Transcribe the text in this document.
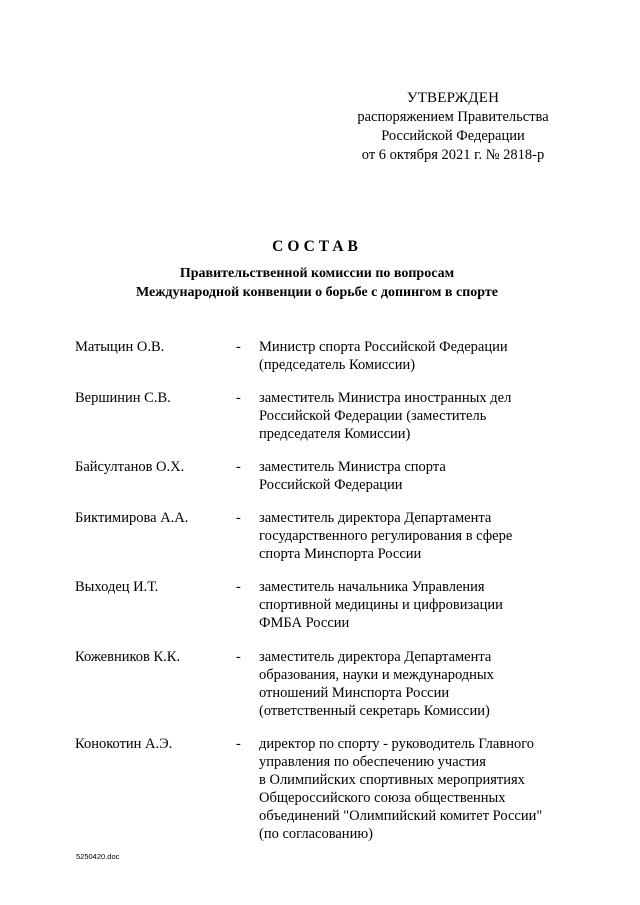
УТВЕРЖДЕН
распоряжением Правительства
Российской Федерации
от 6 октября 2021 г. № 2818-р
СОСТАВ
Правительственной комиссии по вопросам
Международной конвенции о борьбе с допингом в спорте
Матыцин О.В.	- Министр спорта Российской Федерации
(председатель Комиссии)
Вершинин С.В.	- заместитель Министра иностранных дел
Российской Федерации (заместитель
председателя Комиссии)
Байсултанов О.Х.	- заместитель Министра спорта
Российской Федерации
Биктимирова А.А.	- заместитель директора Департамента
государственного регулирования в сфере
спорта Минспорта России
Выходец И.Т.	- заместитель начальника Управления
спортивной медицины и цифровизации
ФМБА России
Кожевников К.К.	- заместитель директора Департамента
образования, науки и международных
отношений Минспорта России
(ответственный секретарь Комиссии)
Конокотин А.Э.	- директор по спорту - руководитель Главного
управления по обеспечению участия
в Олимпийских спортивных мероприятиях
Общероссийского союза общественных
объединений "Олимпийский комитет России"
(по согласованию)
5250420.doc
